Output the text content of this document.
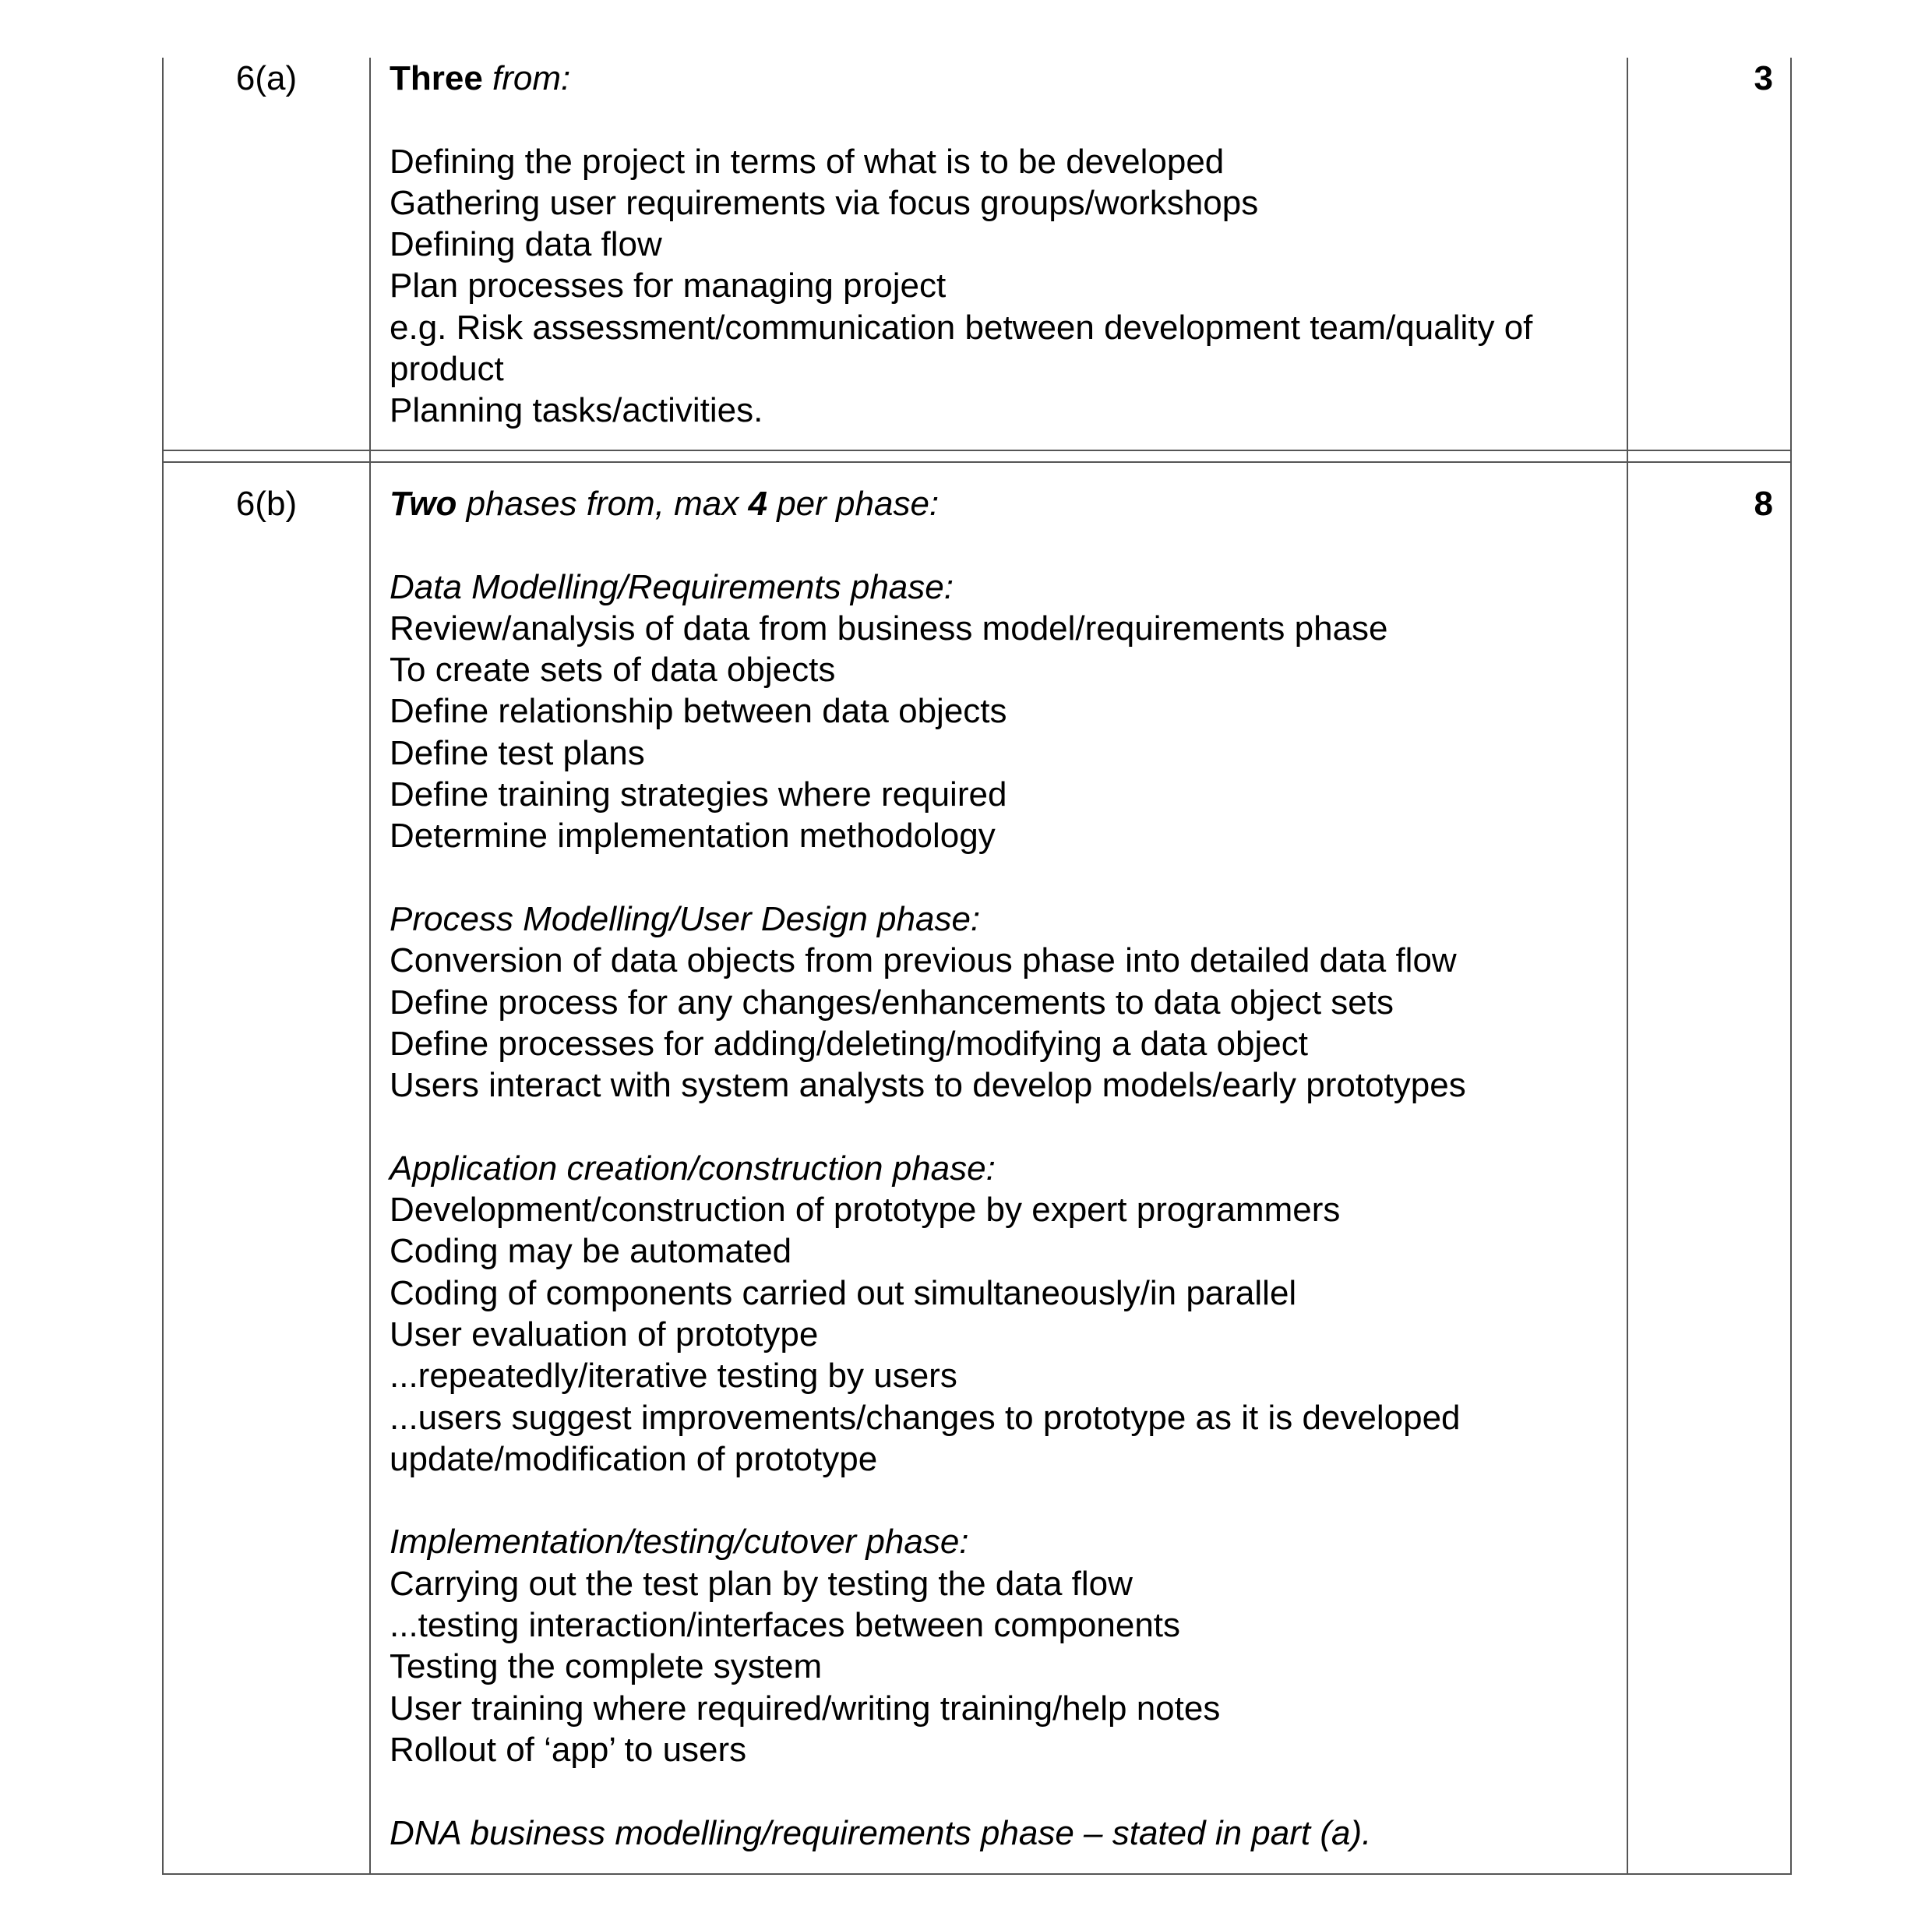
6(a)	Three from:
Defining the project in terms of what is to be developed
Gathering user requirements via focus groups/workshops
Defining data flow
Plan processes for managing project
e.g. Risk assessment/communication between development team/quality of
product
Planning tasks/activities.
3
6(b)	Two phases from, max 4 per phase:
Data Modelling/Requirements phase:
Review/analysis of data from business model/requirements phase
To create sets of data objects
Define relationship between data objects
Define test plans
Define training strategies where required
Determine implementation methodology
Process Modelling/User Design phase:
Conversion of data objects from previous phase into detailed data flow
Define process for any changes/enhancements to data object sets
Define processes for adding/deleting/modifying a data object
Users interact with system analysts to develop models/early prototypes
Application creation/construction phase:
Development/construction of prototype by expert programmers
Coding may be automated
Coding of components carried out simultaneously/in parallel
User evaluation of prototype
...repeatedly/iterative testing by users
...users suggest improvements/changes to prototype as it is developed
update/modification of prototype
Implementation/testing/cutover phase:
Carrying out the test plan by testing the data flow
...testing interaction/interfaces between components
Testing the complete system
User training where required/writing training/help notes
Rollout of ‘app’ to users
DNA business modelling/requirements phase – stated in part (a).
8
